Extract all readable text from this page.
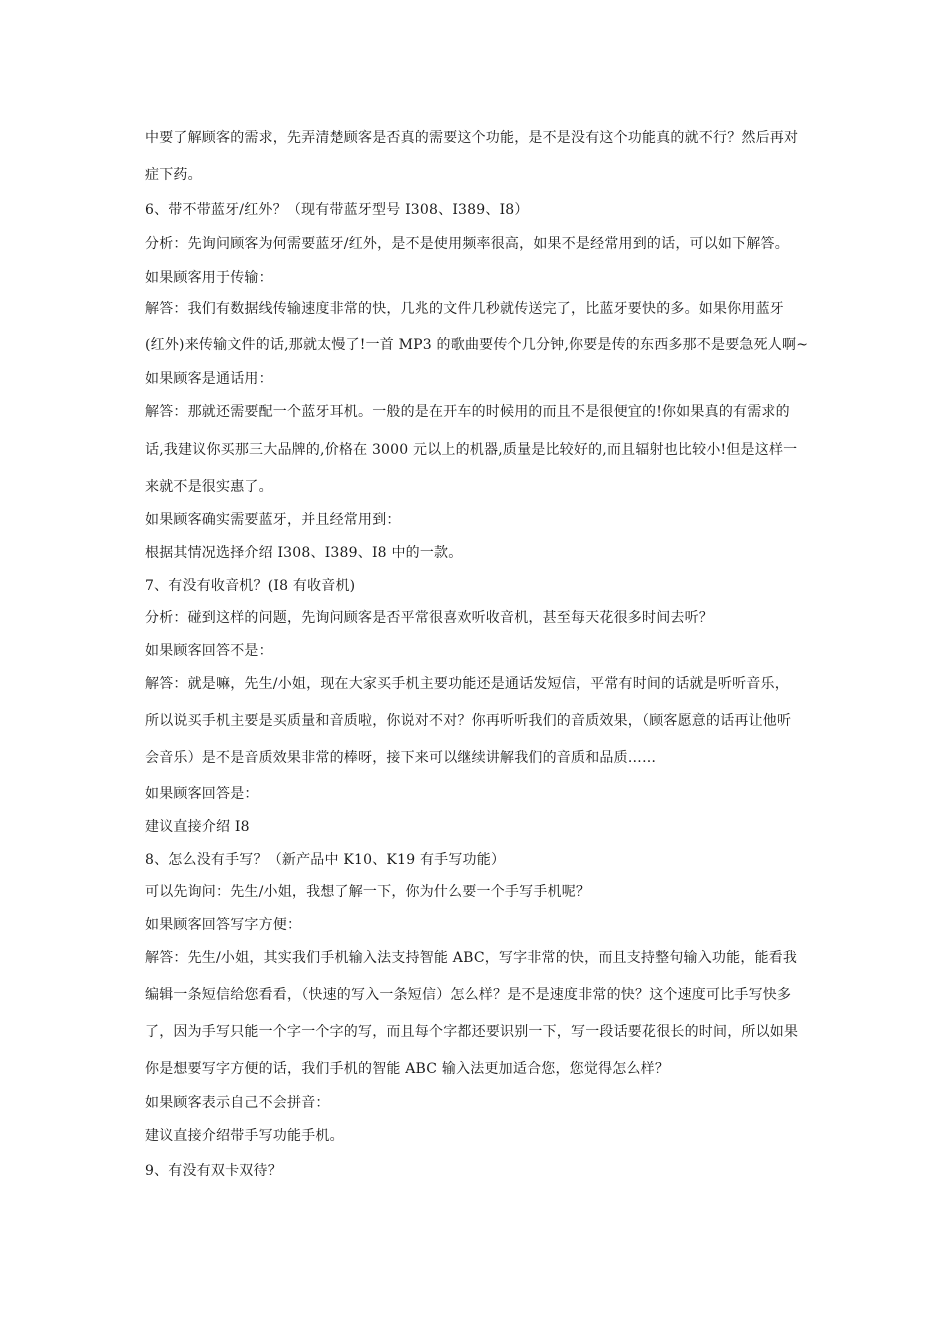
中要了解顾客的需求，先弄清楚顾客是否真的需要这个功能，是不是没有这个功能真的就不行？然后再对
症下药。
6、带不带蓝牙/红外？（现有带蓝牙型号 I308、I389、I8）
分析：先询问顾客为何需要蓝牙/红外，是不是使用频率很高，如果不是经常用到的话，可以如下解答。
如果顾客用于传输：
解答：我们有数据线传输速度非常的快，几兆的文件几秒就传送完了，比蓝牙要快的多。如果你用蓝牙
(红外)来传输文件的话,那就太慢了!一首 MP3 的歌曲要传个几分钟,你要是传的东西多那不是要急死人啊~
如果顾客是通话用：
解答：那就还需要配一个蓝牙耳机。一般的是在开车的时候用的而且不是很便宜的!你如果真的有需求的
话,我建议你买那三大品牌的,价格在 3000 元以上的机器,质量是比较好的,而且辐射也比较小!但是这样一
来就不是很实惠了。
如果顾客确实需要蓝牙，并且经常用到：
根据其情况选择介绍 I308、I389、I8 中的一款。
7、有没有收音机？(I8 有收音机)
分析：碰到这样的问题，先询问顾客是否平常很喜欢听收音机，甚至每天花很多时间去听？
如果顾客回答不是：
解答：就是嘛，先生/小姐，现在大家买手机主要功能还是通话发短信，平常有时间的话就是听听音乐，
所以说买手机主要是买质量和音质啦，你说对不对？你再听听我们的音质效果，（顾客愿意的话再让他听
会音乐）是不是音质效果非常的棒呀，接下来可以继续讲解我们的音质和品质……
如果顾客回答是：
建议直接介绍 I8
8、怎么没有手写？（新产品中 K10、K19 有手写功能）
可以先询问：先生/小姐，我想了解一下，你为什么要一个手写手机呢？
如果顾客回答写字方便：
解答：先生/小姐，其实我们手机输入法支持智能 ABC，写字非常的快，而且支持整句输入功能，能看我
编辑一条短信给您看看，（快速的写入一条短信）怎么样？是不是速度非常的快？这个速度可比手写快多
了，因为手写只能一个字一个字的写，而且每个字都还要识别一下，写一段话要花很长的时间，所以如果
你是想要写字方便的话，我们手机的智能 ABC 输入法更加适合您，您觉得怎么样？
如果顾客表示自己不会拼音：
建议直接介绍带手写功能手机。
9、有没有双卡双待？
